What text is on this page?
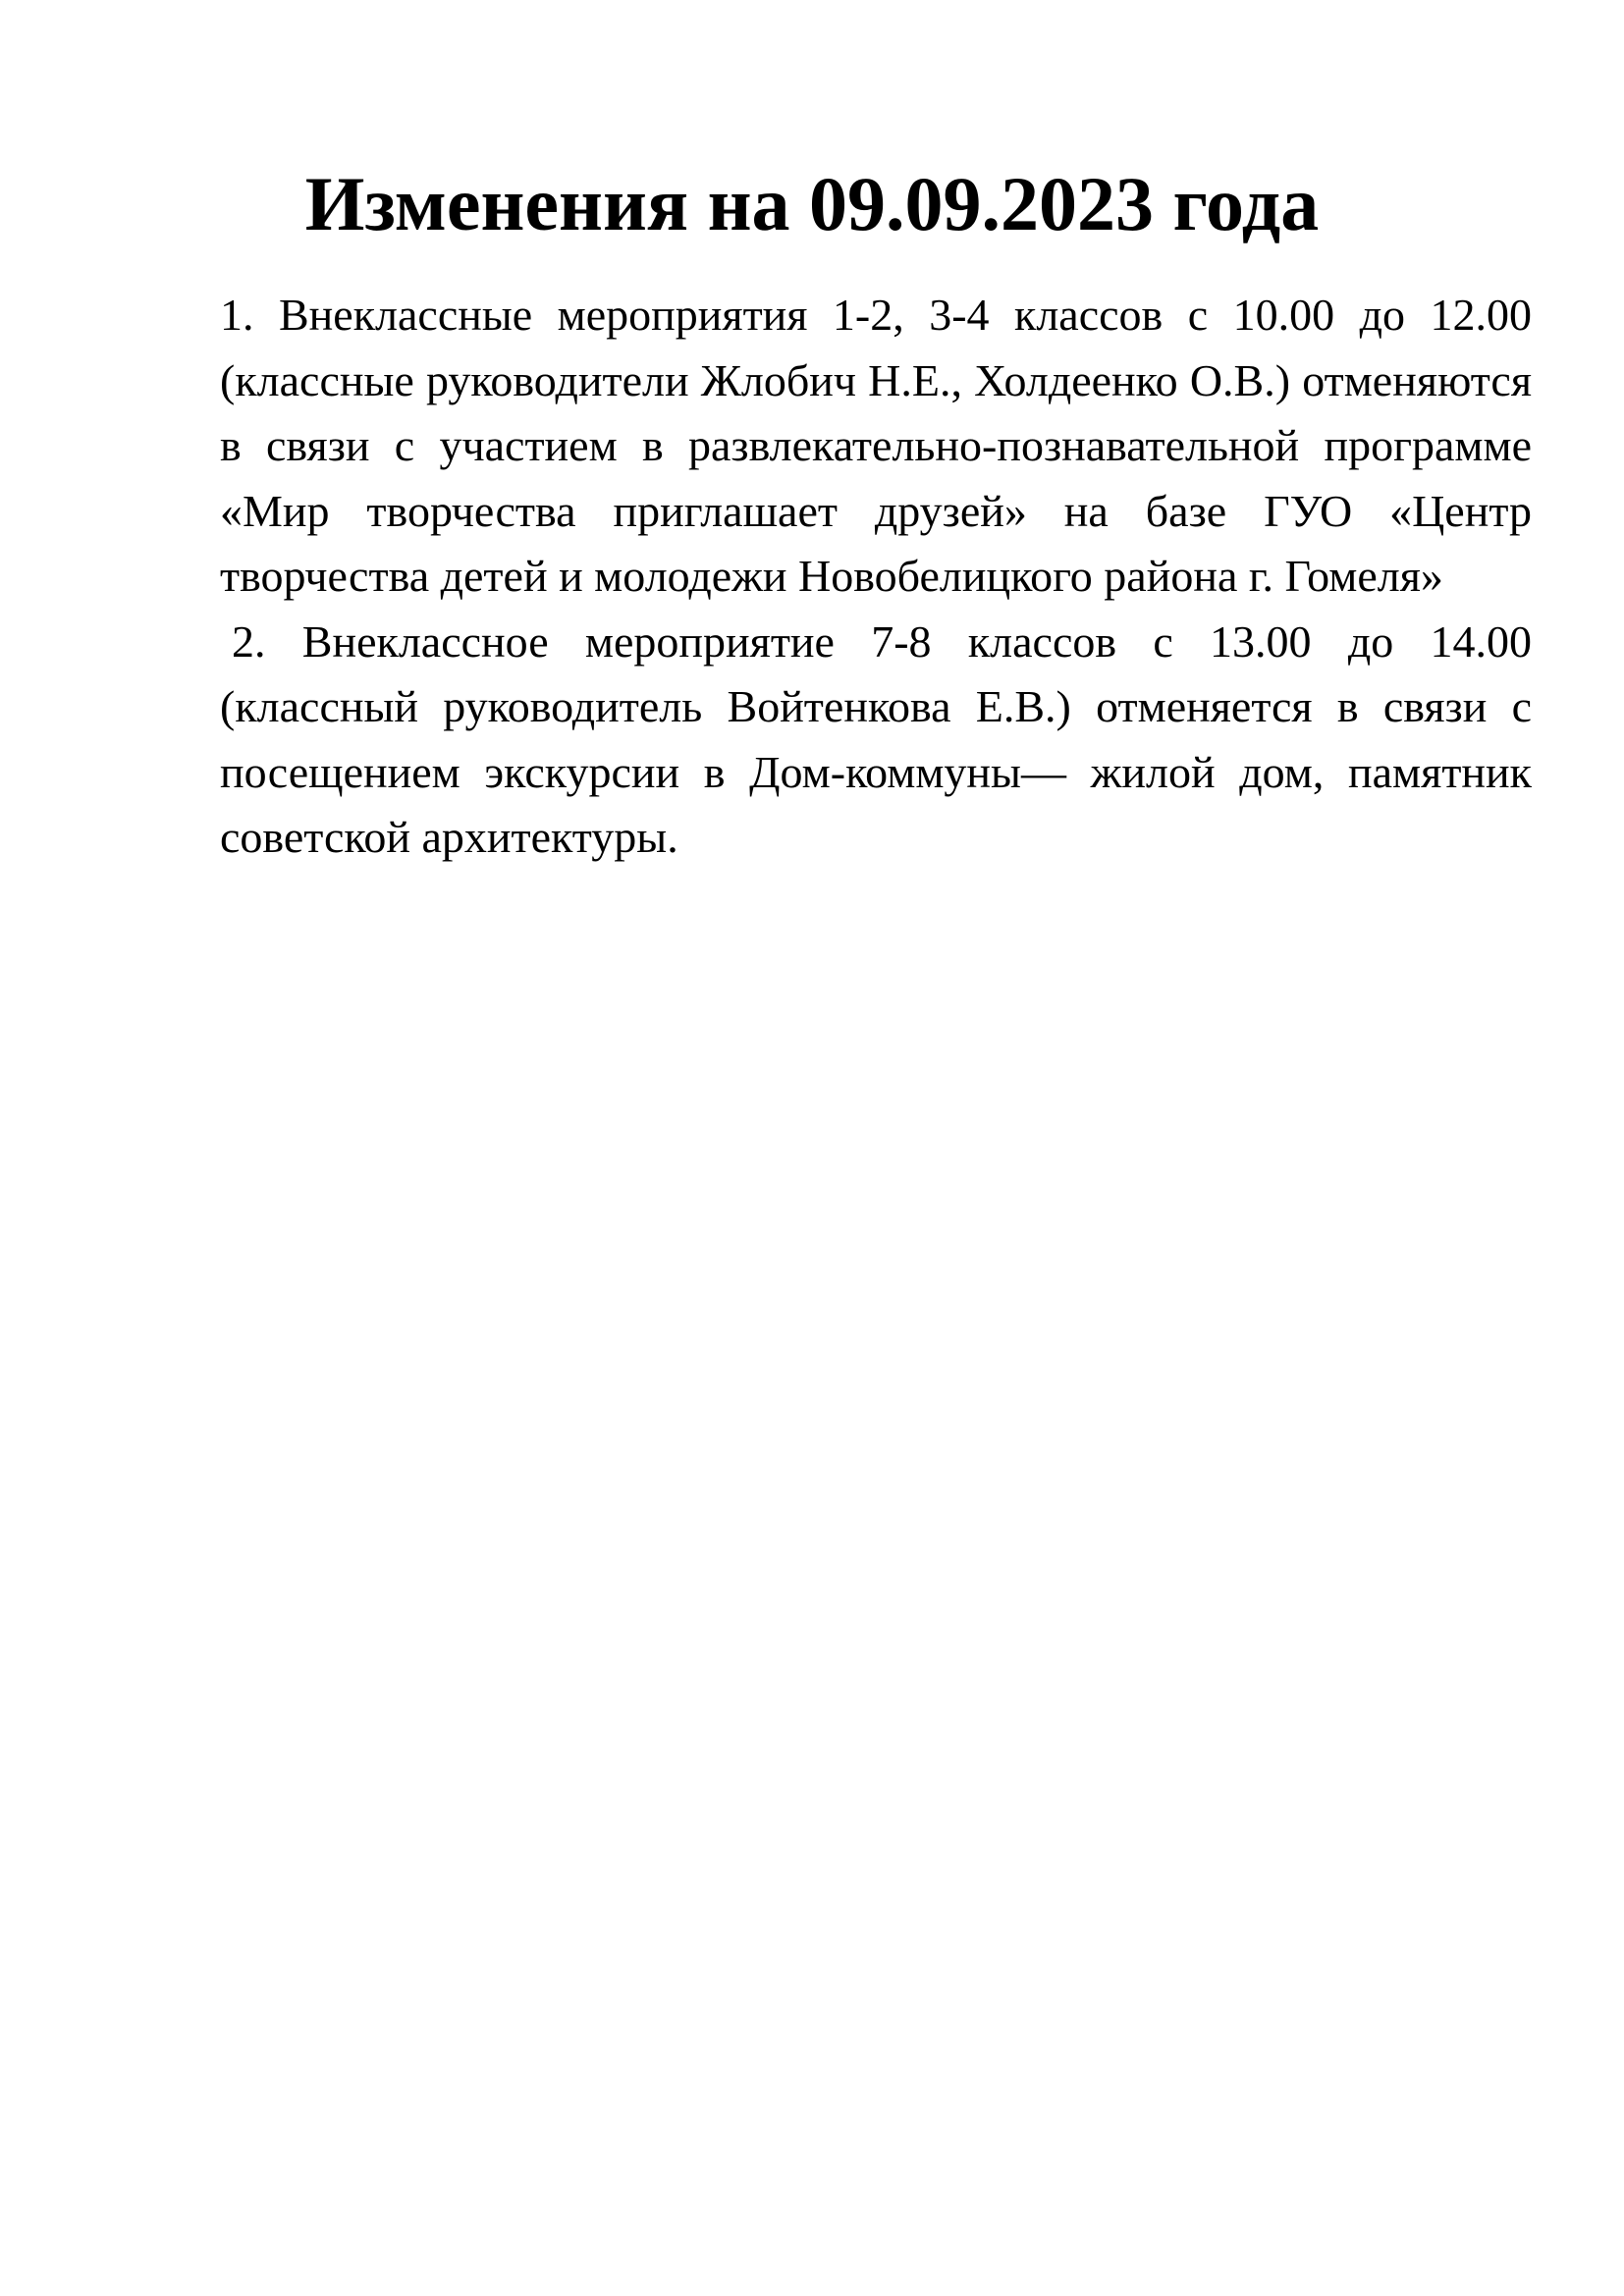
Изменения на 09.09.2023 года

1. Внеклассные мероприятия 1-2, 3-4 классов с 10.00 до 12.00 (классные руководители Жлобич Н.Е., Холдеенко О.В.) отменяются в связи с участием в развлекательно-познавательной программе «Мир творчества приглашает друзей» на базе ГУО «Центр творчества детей и молодежи Новобелицкого района г. Гомеля»

2. Внеклассное мероприятие 7-8 классов с 13.00 до 14.00 (классный руководитель Войтенкова Е.В.) отменяется в связи с посещением экскурсии в Дом-коммуны— жилой дом, памятник советской архитектуры.
